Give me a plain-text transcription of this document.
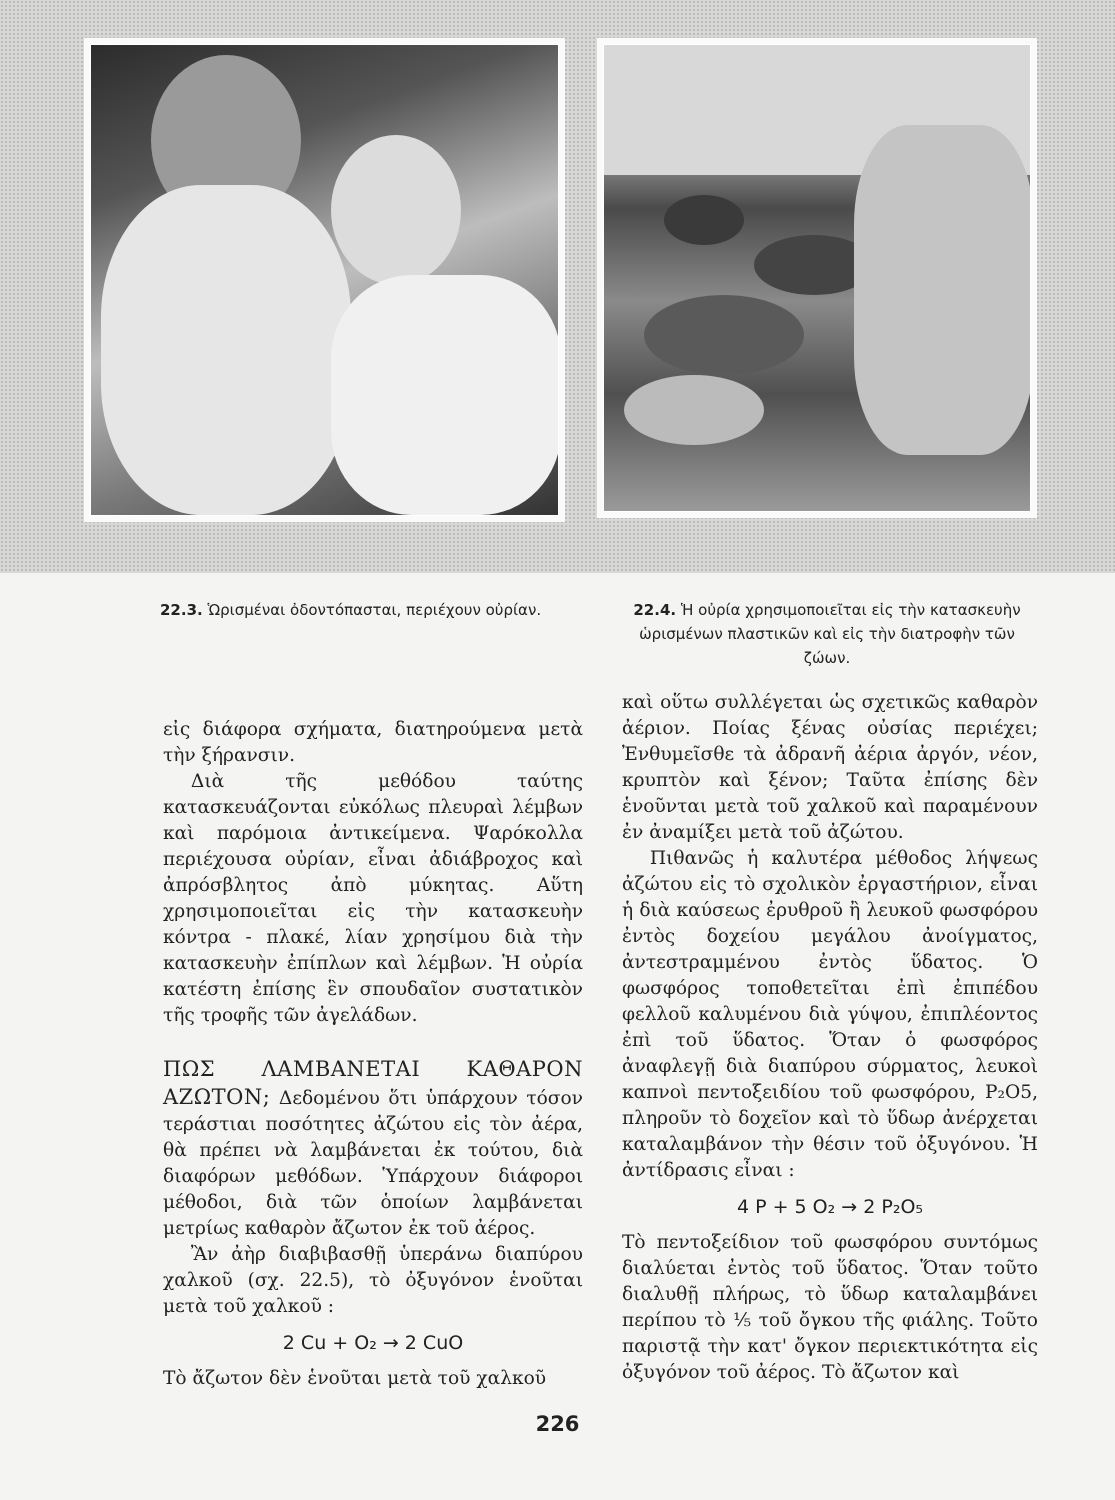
22.3. Ὡρισμέναι ὀδοντόπασται, περιέχουν οὐρίαν.	22.4. Ἡ οὐρία χρησιμοποιεῖται εἰς τὴν κατασκευὴν ὡρισμένων πλαστικῶν καὶ εἰς τὴν διατροφὴν τῶν ζώων.

εἰς διάφορα σχήματα, διατηρούμενα μετὰ τὴν ξήρανσιν.

Διὰ τῆς μεθόδου ταύτης κατασκευάζονται εὐκόλως πλευραὶ λέμβων καὶ παρόμοια ἀντικείμενα. Ψαρόκολλα περιέχουσα οὐρίαν, εἶναι ἀδιάβροχος καὶ ἀπρόσβλητος ἀπὸ μύκητας. Αὕτη χρησιμοποιεῖται εἰς τὴν κατασκευὴν κόντρα - πλακέ, λίαν χρησίμου διὰ τὴν κατασκευὴν ἐπίπλων καὶ λέμβων. Ἡ οὐρία κατέστη ἐπίσης ἓν σπουδαῖον συστατικὸν τῆς τροφῆς τῶν ἀγελάδων.

ΠΩΣ ΛΑΜΒΑΝΕΤΑΙ ΚΑΘΑΡΟΝ ΑΖΩΤΟΝ; Δεδομένου ὅτι ὑπάρχουν τόσον τεράστιαι ποσότητες ἀζώτου εἰς τὸν ἀέρα, θὰ πρέπει νὰ λαμβάνεται ἐκ τούτου, διὰ διαφόρων μεθόδων. Ὑπάρχουν διάφοροι μέθοδοι, διὰ τῶν ὁποίων λαμβάνεται μετρίως καθαρὸν ἄζωτον ἐκ τοῦ ἀέρος.

Ἂν ἀὴρ διαβιβασθῇ ὑπεράνω διαπύρου χαλκοῦ (σχ. 22.5), τὸ ὀξυγόνον ἑνοῦται μετὰ τοῦ χαλκοῦ :

2 Cu + O₂ → 2 CuO

Τὸ ἄζωτον δὲν ἑνοῦται μετὰ τοῦ χαλκοῦ

καὶ οὕτω συλλέγεται ὡς σχετικῶς καθαρὸν ἀέριον. Ποίας ξένας οὐσίας περιέχει; Ἐνθυμεῖσθε τὰ ἀδρανῆ ἀέρια ἀργόν, νέον, κρυπτὸν καὶ ξένον; Ταῦτα ἐπίσης δὲν ἑνοῦνται μετὰ τοῦ χαλκοῦ καὶ παραμένουν ἐν ἀναμίξει μετὰ τοῦ ἀζώτου.

Πιθανῶς ἡ καλυτέρα μέθοδος λήψεως ἀζώτου εἰς τὸ σχολικὸν ἐργαστήριον, εἶναι ἡ διὰ καύσεως ἐρυθροῦ ἢ λευκοῦ φωσφόρου ἐντὸς δοχείου μεγάλου ἀνοίγματος, ἀντεστραμμένου ἐντὸς ὕδατος. Ὁ φωσφόρος τοποθετεῖται ἐπὶ ἐπιπέδου φελλοῦ καλυμένου διὰ γύψου, ἐπιπλέοντος ἐπὶ τοῦ ὕδατος. Ὅταν ὁ φωσφόρος ἀναφλεγῇ διὰ διαπύρου σύρματος, λευκοὶ καπνοὶ πεντοξειδίου τοῦ φωσφόρου, P₂O5, πληροῦν τὸ δοχεῖον καὶ τὸ ὕδωρ ἀνέρχεται καταλαμβάνον τὴν θέσιν τοῦ ὀξυγόνου. Ἡ ἀντίδρασις εἶναι :

4 P + 5 O₂ → 2 P₂O₅

Τὸ πεντοξείδιον τοῦ φωσφόρου συντόμως διαλύεται ἐντὸς τοῦ ὕδατος. Ὅταν τοῦτο διαλυθῇ πλήρως, τὸ ὕδωρ καταλαμβάνει περίπου τὸ ⅕ τοῦ ὄγκου τῆς φιάλης. Τοῦτο παριστᾷ τὴν κατ' ὄγκον περιεκτικότητα εἰς ὀξυγόνον τοῦ ἀέρος. Τὸ ἄζωτον καὶ

226
